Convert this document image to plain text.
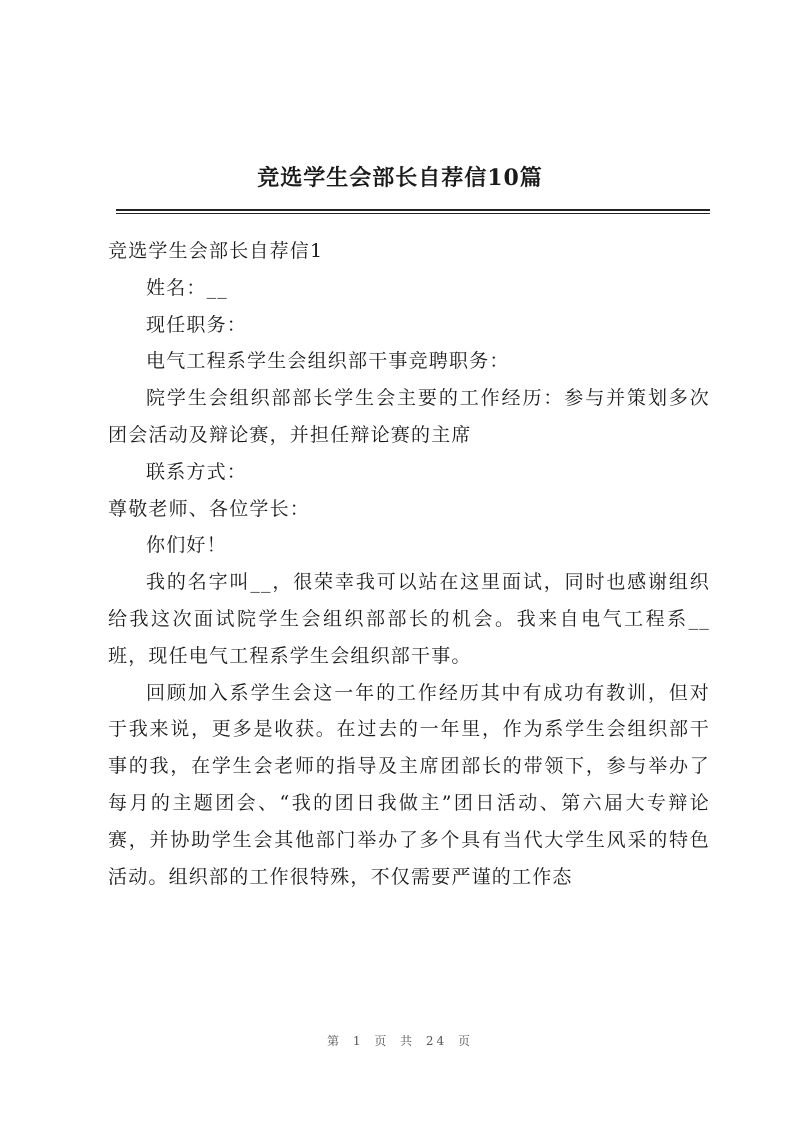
竞选学生会部长自荐信10篇

竞选学生会部长自荐信1

姓名：__

现任职务：

电气工程系学生会组织部干事竞聘职务：

院学生会组织部部长学生会主要的工作经历：参与并策划多次团会活动及辩论赛，并担任辩论赛的主席

联系方式：

尊敬老师、各位学长：

你们好！

我的名字叫__，很荣幸我可以站在这里面试，同时也感谢组织给我这次面试院学生会组织部部长的机会。我来自电气工程系__班，现任电气工程系学生会组织部干事。

回顾加入系学生会这一年的工作经历其中有成功有教训，但对于我来说，更多是收获。在过去的一年里，作为系学生会组织部干事的我，在学生会老师的指导及主席团部长的带领下，参与举办了每月的主题团会、“我的团日我做主”团日活动、第六届大专辩论赛，并协助学生会其他部门举办了多个具有当代大学生风采的特色活动。组织部的工作很特殊，不仅需要严谨的工作态

第 1 页 共 24 页
